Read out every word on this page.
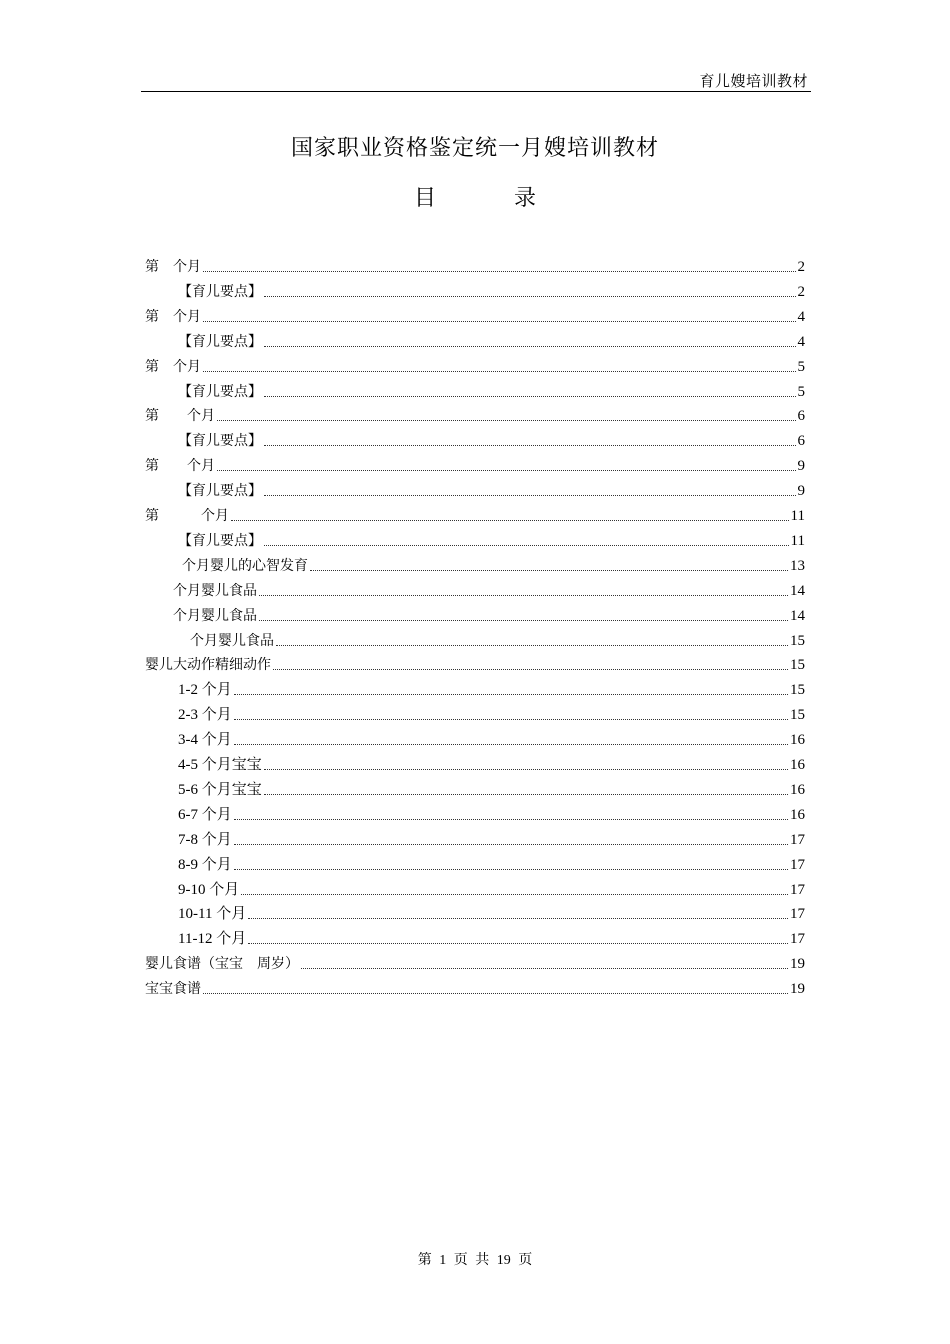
育儿嫂培训教材
国家职业资格鉴定统一月嫂培训教材
目　录
第　个月	2
【育儿要点】	2
第　个月	4
【育儿要点】	4
第　个月	5
【育儿要点】	5
第　　个月	6
【育儿要点】	6
第　　个月	9
【育儿要点】	9
第　　　个月	11
【育儿要点】	11
个月婴儿的心智发育	13
个月婴儿食品	14
个月婴儿食品	14
个月婴儿食品	15
婴儿大动作精细动作	15
1-2 个月	15
2-3 个月	15
3-4 个月	16
4-5 个月宝宝	16
5-6 个月宝宝	16
6-7 个月	16
7-8 个月	17
8-9 个月	17
9-10 个月	17
10-11 个月	17
11-12 个月	17
婴儿食谱（宝宝　周岁）	19
宝宝食谱	19
第 1 页 共 19 页
